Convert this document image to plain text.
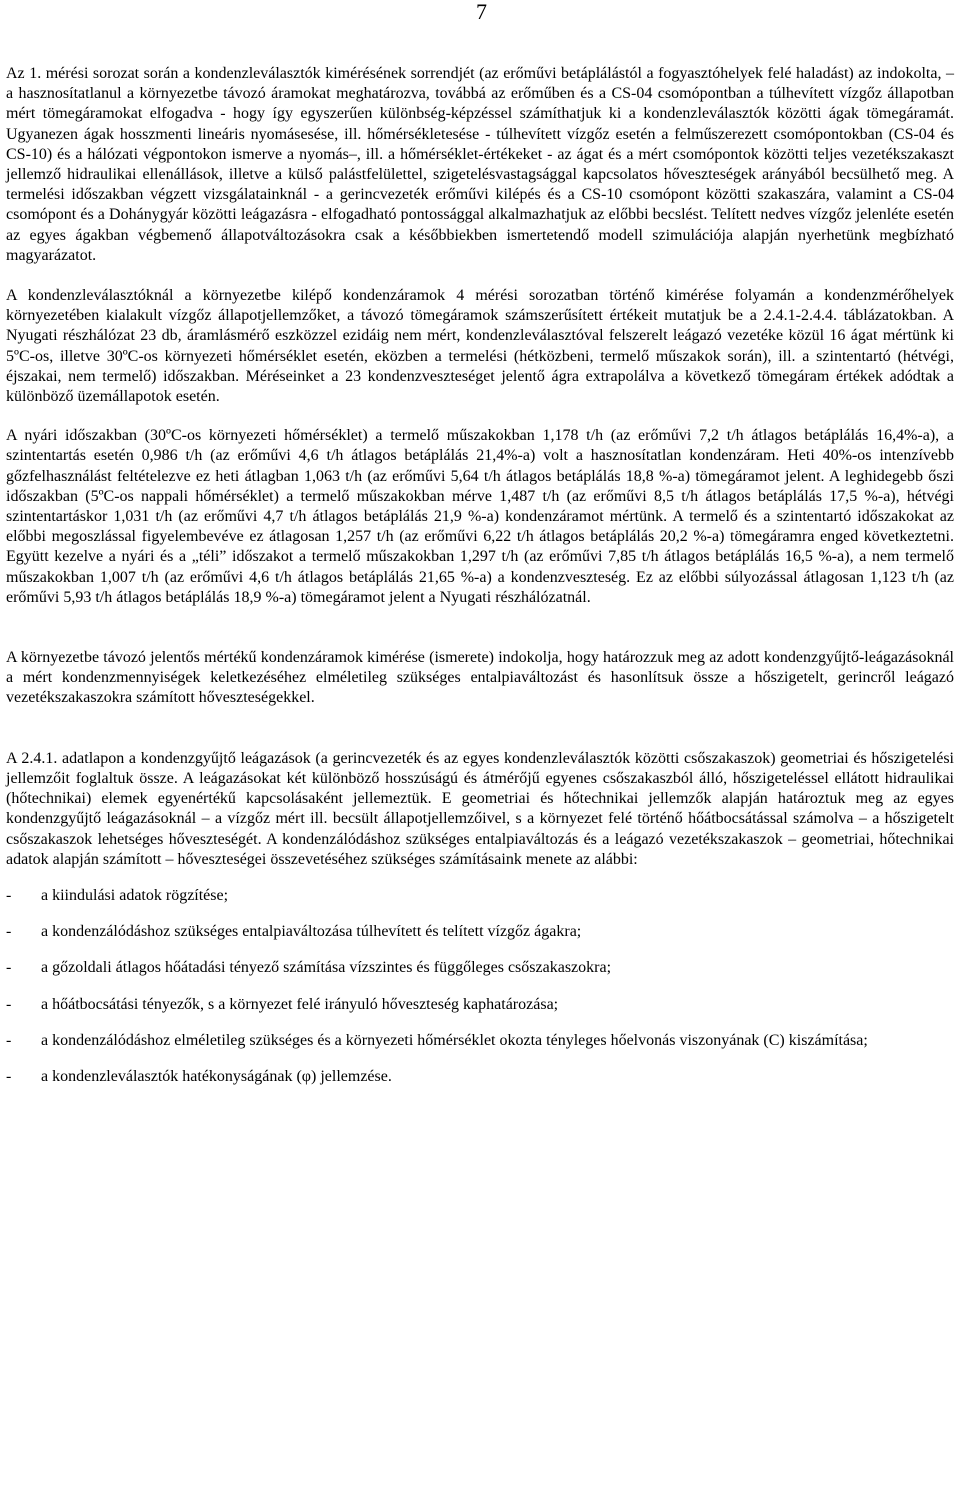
7

Az 1. mérési sorozat során a kondenzleválasztók kimérésének sorrendjét (az erőművi betáplálástól a fogyasztóhelyek felé haladást) az indokolta, – a hasznosítatlanul a környezetbe távozó áramokat meghatározva, továbbá az erőműben és a CS-04 csomópontban a túlhevített vízgőz állapotban mért tömegáramokat elfogadva - hogy így egyszerűen különbség-képzéssel számíthatjuk ki a kondenzleválasztók közötti ágak tömegáramát. Ugyanezen ágak hosszmenti lineáris nyomásesése, ill. hőmérsékletesése - túlhevített vízgőz esetén a felműszerezett csomópontokban (CS-04 és CS-10) és a hálózati végpontokon ismerve a nyomás–, ill. a hőmérséklet-értékeket - az ágat és a mért csomópontok közötti teljes vezetékszakaszt jellemző hidraulikai ellenállások, illetve a külső palástfelülettel, szigetelésvastagsággal kapcsolatos hőveszteségek arányából becsülhető meg. A termelési időszakban végzett vizsgálatainknál - a gerincvezeték erőművi kilépés és a CS-10 csomópont közötti szakaszára, valamint a CS-04 csomópont és a Dohánygyár közötti leágazásra - elfogadható pontossággal alkalmazhatjuk az előbbi becslést. Telített nedves vízgőz jelenléte esetén az egyes ágakban végbemenő állapotváltozásokra csak a későbbiekben ismertetendő modell szimulációja alapján nyerhetünk megbízható magyarázatot.

A kondenzleválasztóknál a környezetbe kilépő kondenzáramok 4 mérési sorozatban történő kimérése folyamán a kondenzmérőhelyek környezetében kialakult vízgőz állapotjellemzőket, a távozó tömegáramok számszerűsített értékeit mutatjuk be a 2.4.1-2.4.4. táblázatokban. A Nyugati részhálózat 23 db, áramlásmérő eszközzel ezidáig nem mért, kondenzleválasztóval felszerelt leágazó vezetéke közül 16 ágat mértünk ki 5ºC-os, illetve 30ºC-os környezeti hőmérséklet esetén, eközben a termelési (hétközbeni, termelő műszakok során), ill. a szintentartó (hétvégi, éjszakai, nem termelő) időszakban. Méréseinket a 23 kondenzveszteséget jelentő ágra extrapolálva a következő tömegáram értékek adódtak a különböző üzemállapotok esetén.

A nyári időszakban (30ºC-os környezeti hőmérséklet) a termelő műszakokban 1,178 t/h (az erőművi 7,2 t/h átlagos betáplálás 16,4%-a), a szintentartás esetén 0,986 t/h (az erőművi 4,6 t/h átlagos betáplálás 21,4%-a) volt a hasznosítatlan kondenzáram. Heti 40%-os intenzívebb gőzfelhasználást feltételezve ez heti átlagban 1,063 t/h (az erőművi 5,64 t/h átlagos betáplálás 18,8 %-a) tömegáramot jelent. A leghidegebb őszi időszakban (5ºC-os nappali hőmérséklet) a termelő műszakokban mérve 1,487 t/h (az erőművi 8,5 t/h átlagos betáplálás 17,5 %-a), hétvégi szintentartáskor 1,031 t/h (az erőművi 4,7 t/h átlagos betáplálás 21,9 %-a) kondenzáramot mértünk. A termelő és a szintentartó időszakokat az előbbi megoszlással figyelembevéve ez átlagosan 1,257 t/h (az erőművi 6,22 t/h átlagos betáplálás 20,2 %-a) tömegáramra enged következtetni. Együtt kezelve a nyári és a „téli” időszakot a termelő műszakokban 1,297 t/h (az erőművi 7,85 t/h átlagos betáplálás 16,5 %-a), a nem termelő műszakokban 1,007 t/h (az erőművi 4,6 t/h átlagos betáplálás 21,65 %-a) a kondenzveszteség. Ez az előbbi súlyozással átlagosan 1,123 t/h (az erőművi 5,93 t/h átlagos betáplálás 18,9 %-a) tömegáramot jelent a Nyugati részhálózatnál.

A környezetbe távozó jelentős mértékű kondenzáramok kimérése (ismerete) indokolja, hogy határozzuk meg az adott kondenzgyűjtő-leágazásoknál a mért kondenzmennyiségek keletkezéséhez elméletileg szükséges entalpiaváltozást és hasonlítsuk össze a hőszigetelt, gerincről leágazó vezetékszakaszokra számított hőveszteségekkel.

A 2.4.1. adatlapon a kondenzgyűjtő leágazások (a gerincvezeték és az egyes kondenzleválasztók közötti csőszakaszok) geometriai és hőszigetelési jellemzőit foglaltuk össze. A leágazásokat két különböző hosszúságú és átmérőjű egyenes csőszakaszból álló, hőszigeteléssel ellátott hidraulikai (hőtechnikai) elemek egyenértékű kapcsolásaként jellemeztük. E geometriai és hőtechnikai jellemzők alapján határoztuk meg az egyes kondenzgyűjtő leágazásoknál – a vízgőz mért ill. becsült állapotjellemzőivel, s a környezet felé történő hőátbocsátással számolva – a hőszigetelt csőszakaszok lehetséges hőveszteségét. A kondenzálódáshoz szükséges entalpiaváltozás és a leágazó vezetékszakaszok – geometriai, hőtechnikai adatok alapján számított – hőveszteségei összevetéséhez szükséges számításaink menete az alábbi:

- a kiindulási adatok rögzítése;
- a kondenzálódáshoz szükséges entalpiaváltozása túlhevített és telített vízgőz ágakra;
- a gőzoldali átlagos hőátadási tényező számítása vízszintes és függőleges csőszakaszokra;
- a hőátbocsátási tényezők, s a környezet felé irányuló hőveszteség kaphatározása;
- a kondenzálódáshoz elméletileg szükséges és a környezeti hőmérséklet okozta tényleges hőelvonás viszonyának (C) kiszámítása;
- a kondenzleválasztók hatékonyságának (φ) jellemzése.
